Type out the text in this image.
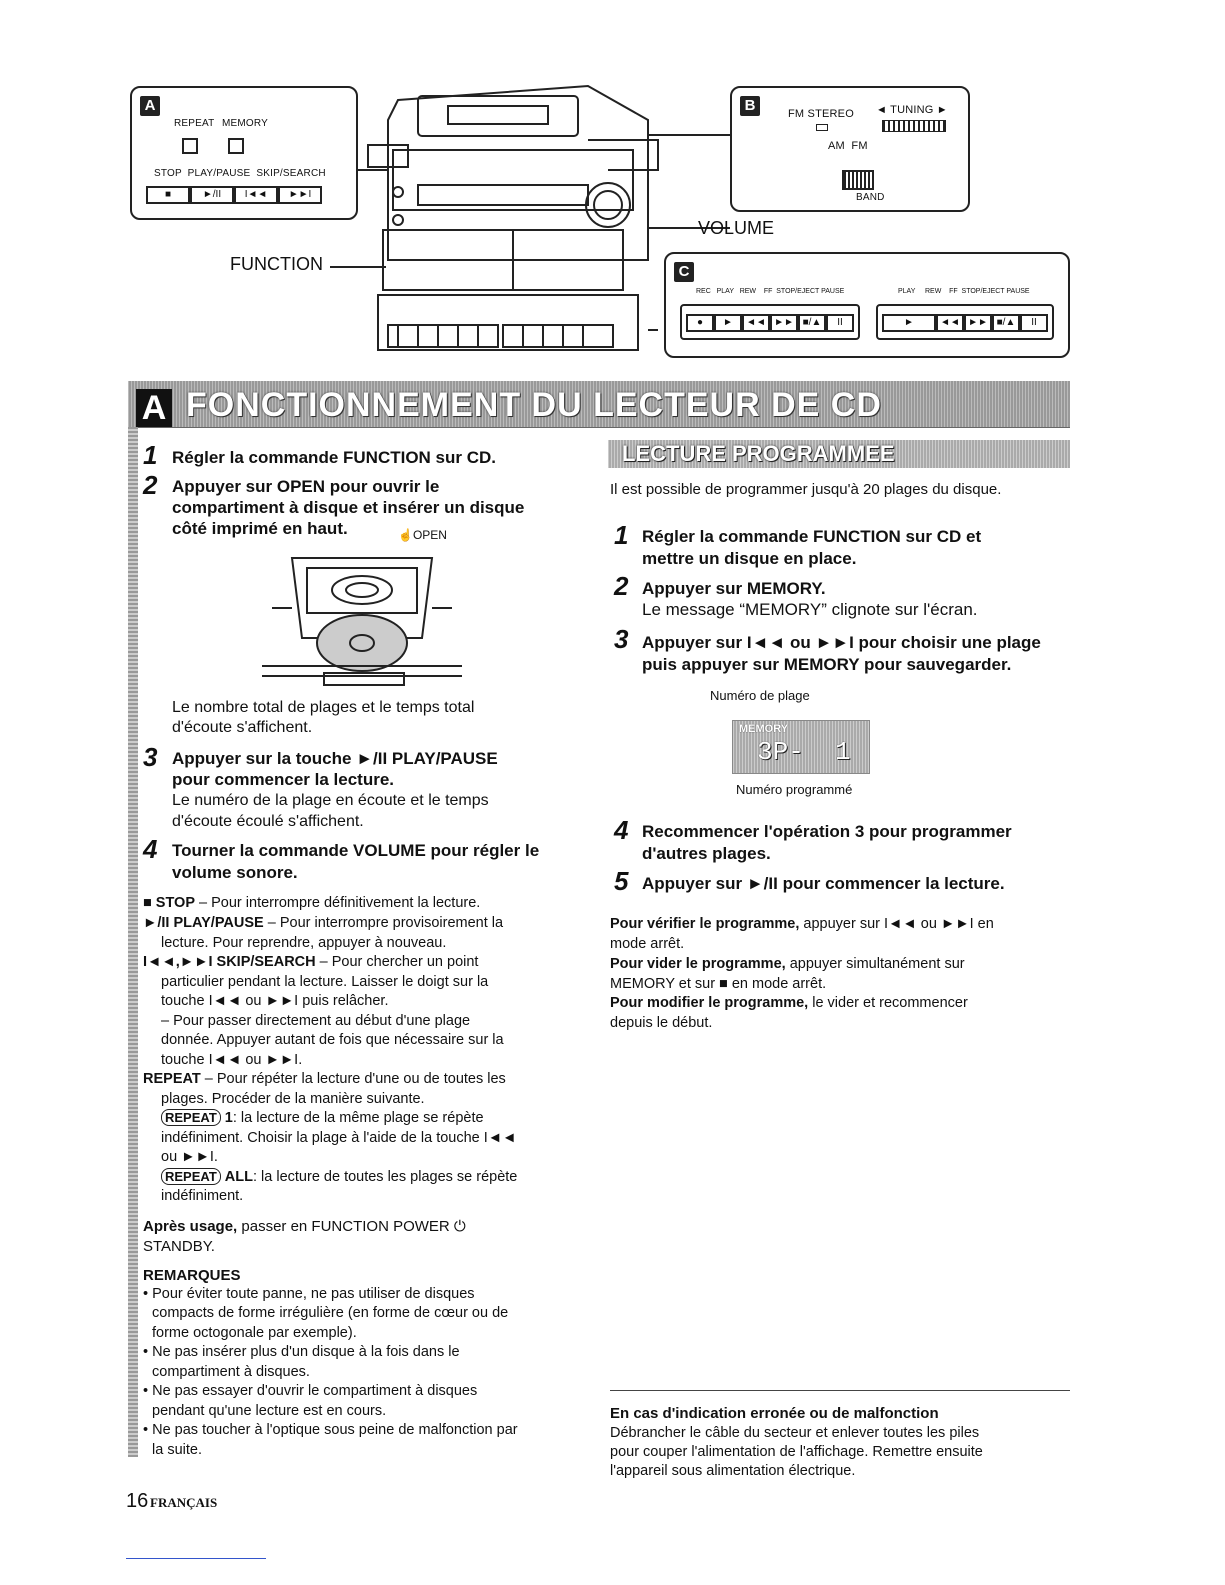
A
REPEAT MEMORY
STOP  PLAY/PAUSE  SKIP/SEARCH
■	►/II I◄◄ ►►I
B	FM STEREO ◄ TUNING ►
AM  FM
BAND
VOLUME
FUNCTION	C
REC   PLAY   REW    FF  STOP/EJECT PAUSE	PLAY     REW    FF  STOP/EJECT PAUSE
● ► ◄◄ ►► ■/▲ II	►	◄◄ ►► ■/▲ II
A FONCTIONNEMENT DU LECTEUR DE CD
1 Régler la commande FUNCTION sur CD.
2 Appuyer sur OPEN pour ouvrir le
compartiment à disque et insérer un disque
côté imprimé en haut.	☝OPEN
Le nombre total de plages et le temps total
d'écoute s'affichent.
3 Appuyer sur la touche ►/II PLAY/PAUSE
pour commencer la lecture.
Le numéro de la plage en écoute et le temps
d'écoute écoulé s'affichent.
4 Tourner la commande VOLUME pour régler le
volume sonore.
■ STOP – Pour interrompre définitivement la lecture.
►/II PLAY/PAUSE – Pour interrompre provisoirement la
lecture. Pour reprendre, appuyer à nouveau.
I◄◄,►►I SKIP/SEARCH – Pour chercher un point
particulier pendant la lecture. Laisser le doigt sur la
touche I◄◄ ou ►►I puis relâcher.
– Pour passer directement au début d'une plage
donnée. Appuyer autant de fois que nécessaire sur la
touche I◄◄ ou ►►I.
REPEAT – Pour répéter la lecture d'une ou de toutes les
plages. Procéder de la manière suivante.
REPEAT 1: la lecture de la même plage se répète
indéfiniment. Choisir la plage à l'aide de la touche I◄◄
ou ►►I.
REPEAT ALL: la lecture de toutes les plages se répète
indéfiniment.
Après usage, passer en FUNCTION POWER ⏻
STANDBY.
REMARQUES
• Pour éviter toute panne, ne pas utiliser de disques
compacts de forme irrégulière (en forme de cœur ou de
forme octogonale par exemple).
• Ne pas insérer plus d'un disque à la fois dans le
compartiment à disques.
• Ne pas essayer d'ouvrir le compartiment à disques
pendant qu'une lecture est en cours.
• Ne pas toucher à l'optique sous peine de malfonction par
la suite.
LECTURE PROGRAMMEE
Il est possible de programmer jusqu'à 20 plages du disque.
1 Régler la commande FUNCTION sur CD et
mettre un disque en place.
2 Appuyer sur MEMORY.
Le message “MEMORY” clignote sur l'écran.
3 Appuyer sur I◄◄ ou ►►I pour choisir une plage
puis appuyer sur MEMORY pour sauvegarder.
Numéro de plage
MEMORY
3P-  1
Numéro programmé
4 Recommencer l'opération 3 pour programmer
d'autres plages.
5 Appuyer sur ►/II pour commencer la lecture.
Pour vérifier le programme, appuyer sur I◄◄ ou ►►I en
mode arrêt.
Pour vider le programme, appuyer simultanément sur
MEMORY et sur ■ en mode arrêt.
Pour modifier le programme, le vider et recommencer
depuis le début.
En cas d'indication erronée ou de malfonction
Débrancher le câble du secteur et enlever toutes les piles
pour couper l'alimentation de l'affichage. Remettre ensuite
l'appareil sous alimentation électrique.
16 FRANÇAIS
